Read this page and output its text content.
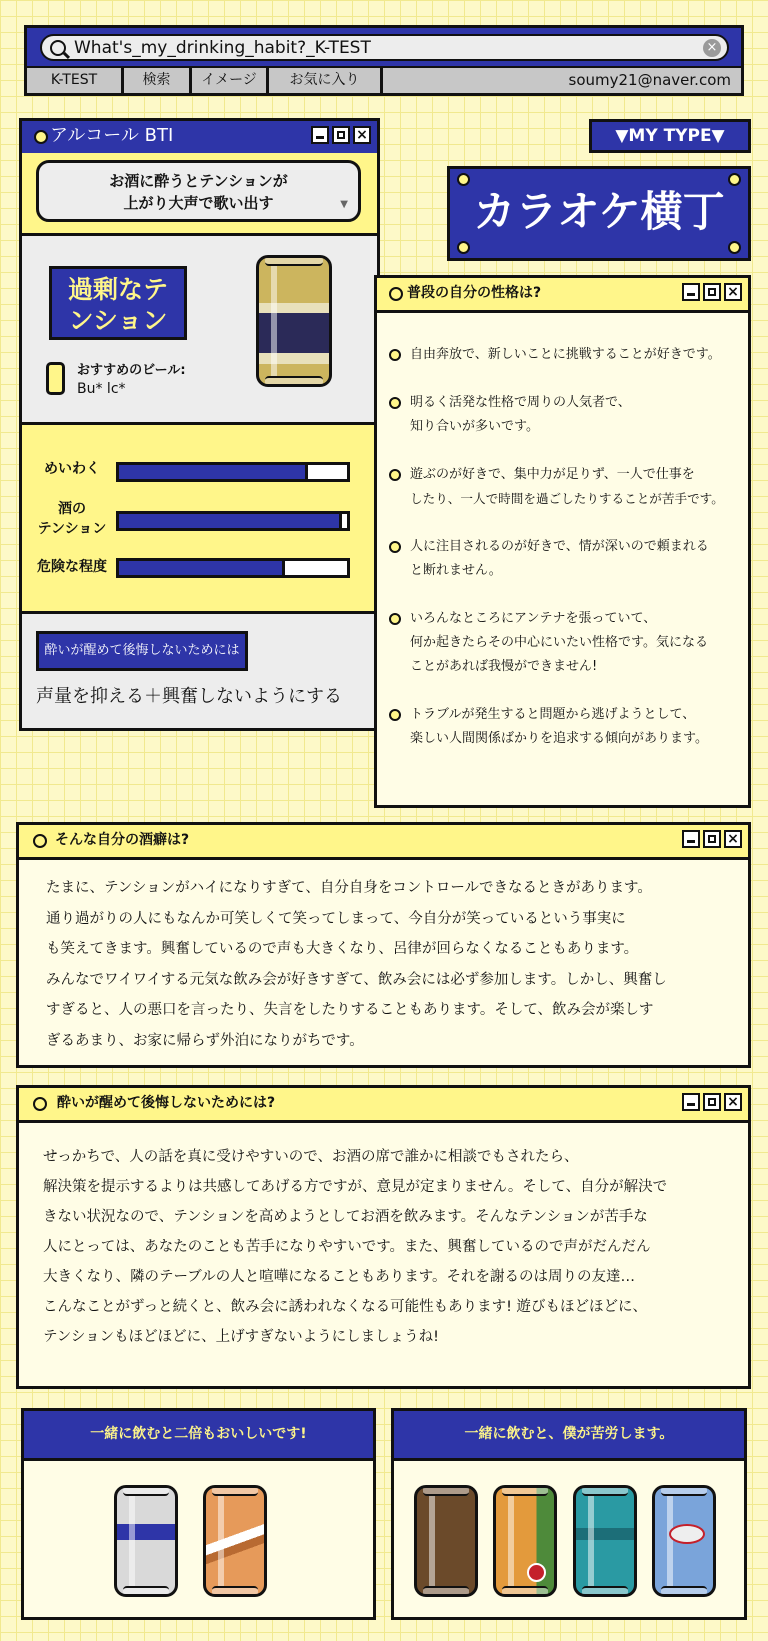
What's_my_drinking_habit?_K-TEST	×
K-TEST	検索	イメージ	お気に入り	soumy21@naver.com
アルコール BTI	×
お酒に酔うとテンションが
上がり大声で歌い出す	▼
過剰なテ
ンション
おすすめのビール:
Bu* lc*
めいわく
酒の
テンション
危険な程度
酔いが醒めて後悔しないためには
声量を抑える＋興奮しないようにする
▼MY TYPE▼
カラオケ横丁
普段の自分の性格は?	×
自由奔放で、新しいことに挑戦することが好きです。
明るく活発な性格で周りの人気者で、
知り合いが多いです。
遊ぶのが好きで、集中力が足りず、一人で仕事を
したり、一人で時間を過ごしたりすることが苦手です。
人に注目されるのが好きで、情が深いので頼まれる
と断れません。
いろんなところにアンテナを張っていて、
何か起きたらその中心にいたい性格です。気になる
ことがあれば我慢ができません!
トラブルが発生すると問題から逃げようとして、
楽しい人間関係ばかりを追求する傾向があります。
そんな自分の酒癖は?	×
たまに、テンションがハイになりすぎて、自分自身をコントロールできなるときがあります。
通り過がりの人にもなんか可笑しくて笑ってしまって、今自分が笑っているという事実に
も笑えてきます。興奮しているので声も大きくなり、呂律が回らなくなることもあります。
みんなでワイワイする元気な飲み会が好きすぎて、飲み会には必ず参加します。しかし、興奮し
すぎると、人の悪口を言ったり、失言をしたりすることもあります。そして、飲み会が楽しす
ぎるあまり、お家に帰らず外泊になりがちです。
酔いが醒めて後悔しないためには?	×
せっかちで、人の話を真に受けやすいので、お酒の席で誰かに相談でもされたら、
解決策を提示するよりは共感してあげる方ですが、意見が定まりません。そして、自分が解決で
きない状況なので、テンションを高めようとしてお酒を飲みます。そんなテンションが苦手な
人にとっては、あなたのことも苦手になりやすいです。また、興奮しているので声がだんだん
大きくなり、隣のテーブルの人と喧嘩になることもあります。それを謝るのは周りの友達…
こんなことがずっと続くと、飲み会に誘われなくなる可能性もあります! 遊びもほどほどに、
テンションもほどほどに、上げすぎないようにしましょうね!
一緒に飲むと二倍もおいしいです!	一緒に飲むと、僕が苦労します。
